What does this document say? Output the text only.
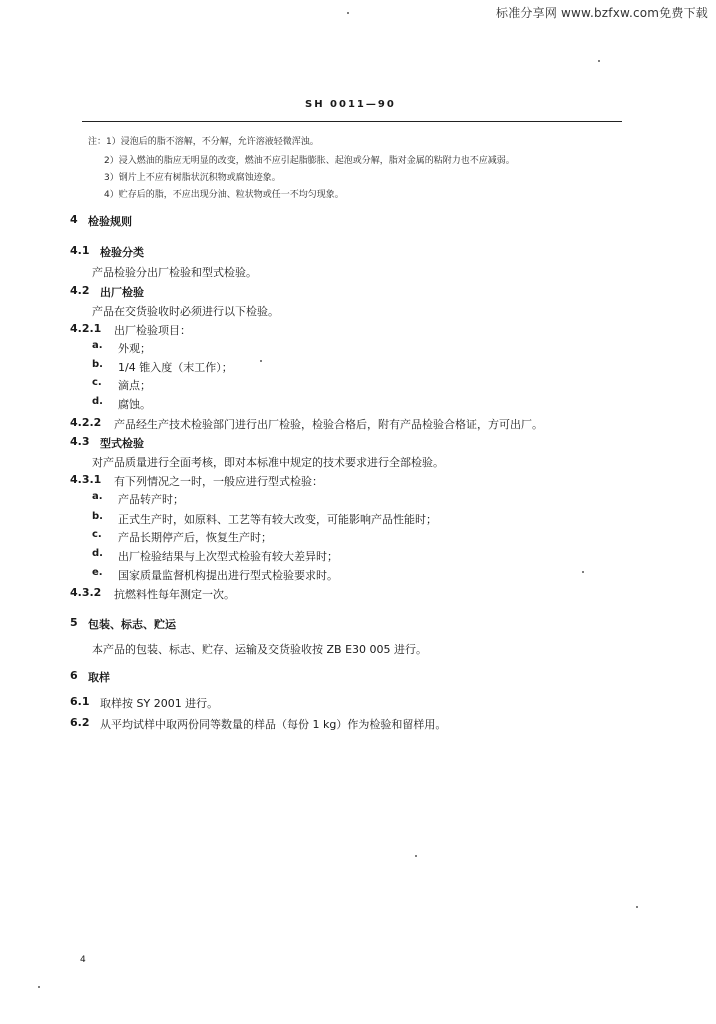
标准分享网 www.bzfxw.com免费下载
SH 0011—90
注：1）浸泡后的脂不溶解，不分解，允许溶液轻微浑浊。
2）浸入燃油的脂应无明显的改变，燃油不应引起脂膨胀、起泡或分解，脂对金属的粘附力也不应减弱。
3）钢片上不应有树脂状沉积物或腐蚀迹象。
4）贮存后的脂，不应出现分油、粒状物或任一不均匀现象。
4 检验规则
4.1 检验分类
产品检验分出厂检验和型式检验。
4.2 出厂检验
产品在交货验收时必须进行以下检验。
4.2.1 出厂检验项目：
a. 外观；
b. 1/4 锥入度（末工作）；
c. 滴点；
d. 腐蚀。
4.2.2 产品经生产技术检验部门进行出厂检验，检验合格后，附有产品检验合格证，方可出厂。
4.3 型式检验
对产品质量进行全面考核，即对本标准中规定的技术要求进行全部检验。
4.3.1 有下列情况之一时，一般应进行型式检验：
a. 产品转产时；
b. 正式生产时，如原料、工艺等有较大改变，可能影响产品性能时；
c. 产品长期停产后，恢复生产时；
d. 出厂检验结果与上次型式检验有较大差异时；
e. 国家质量监督机构提出进行型式检验要求时。
4.3.2 抗燃料性每年测定一次。
5 包装、标志、贮运
本产品的包装、标志、贮存、运输及交货验收按 ZB E30 005 进行。
6 取样
6.1 取样按 SY 2001 进行。
6.2 从平均试样中取两份同等数量的样品（每份 1 kg）作为检验和留样用。
4
